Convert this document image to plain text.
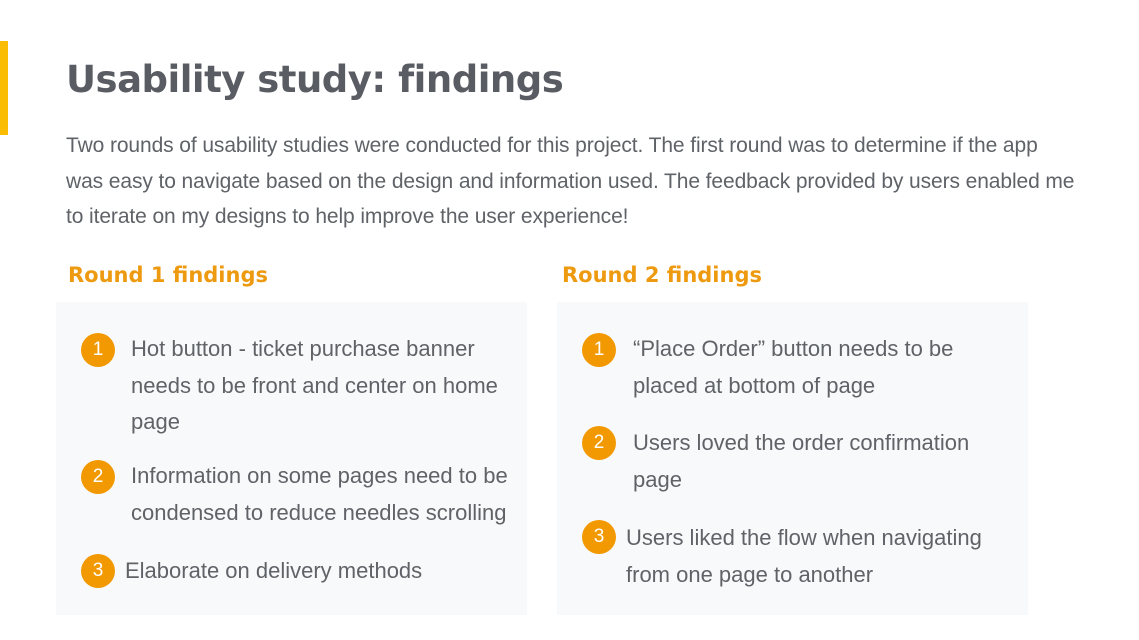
Usability study: findings

Two rounds of usability studies were conducted for this project. The first round was to determine if the app was easy to navigate based on the design and information used. The feedback provided by users enabled me to iterate on my designs to help improve the user experience!

Round 1 findings	Round 2 findings
1	Hot button - ticket purchase banner needs to be front and center on home page

2	Information on some pages need to be condensed to reduce needles scrolling

3 Elaborate on delivery methods

1	“Place Order” button needs to be placed at bottom of page

2	Users loved the order confirmation page

3 Users liked the flow when navigating from one page to another
